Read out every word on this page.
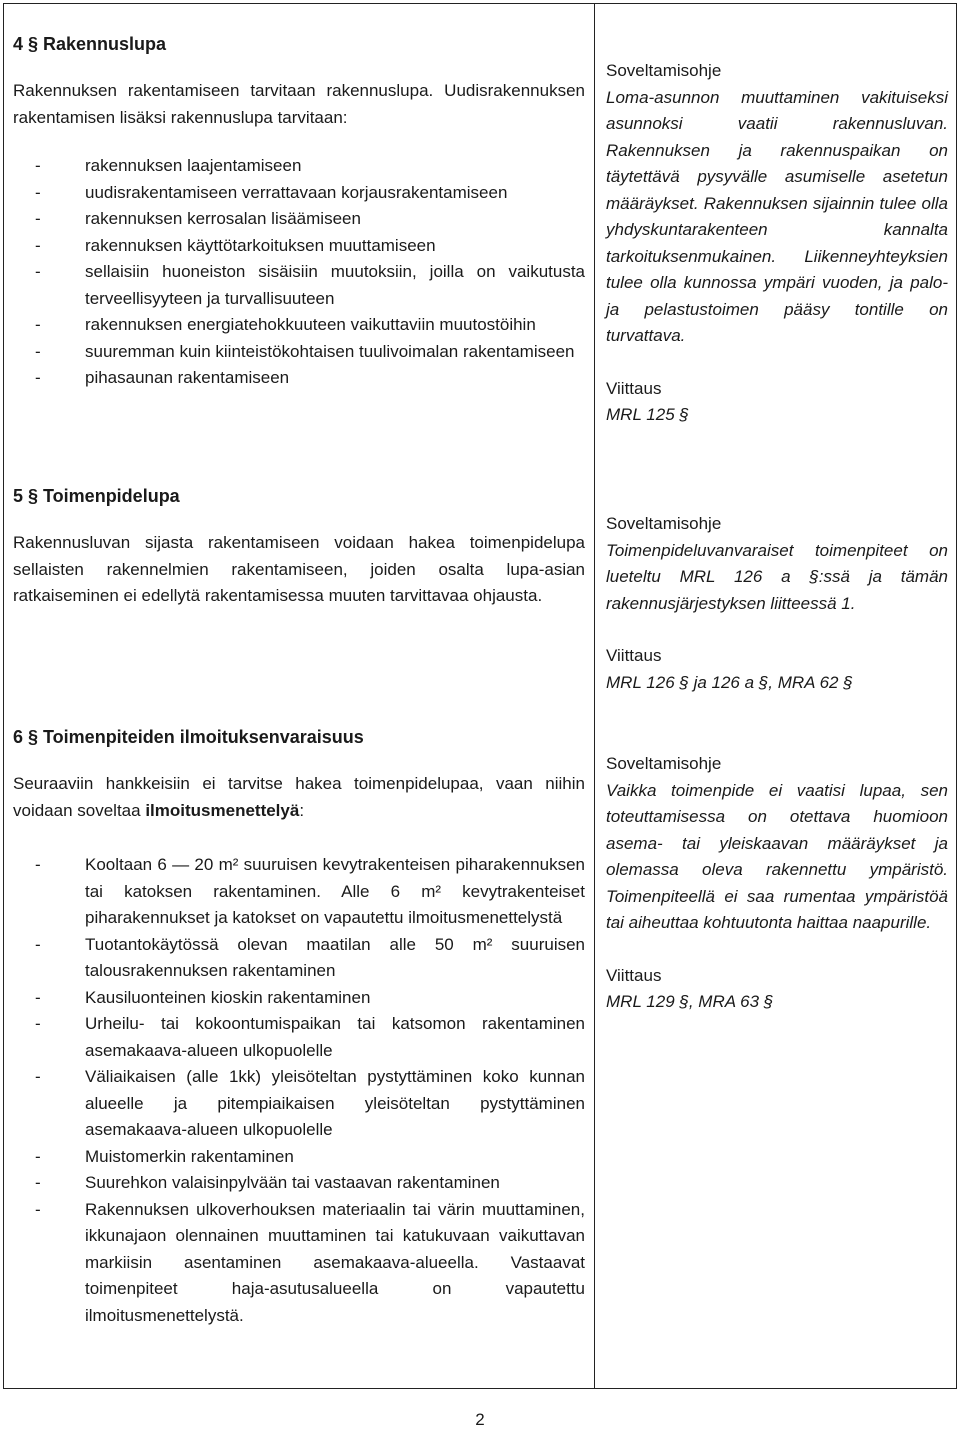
4 § Rakennuslupa

Rakennuksen rakentamiseen tarvitaan rakennuslupa. Uudisrakennuksen rakentamisen lisäksi rakennuslupa tarvitaan:

- rakennuksen laajentamiseen
- uudisrakentamiseen verrattavaan korjausrakentamiseen
- rakennuksen kerrosalan lisäämiseen
- rakennuksen käyttötarkoituksen muuttamiseen
- sellaisiin huoneiston sisäisiin muutoksiin, joilla on vaikutusta terveellisyyteen ja turvallisuuteen
- rakennuksen energiatehokkuuteen vaikuttaviin muutostöihin
- suuremman kuin kiinteistökohtaisen tuulivoimalan rakentamiseen
- pihasaunan rakentamiseen
Soveltamisohje
Loma-asunnon muuttaminen vakituiseksi asunnoksi vaatii rakennusluvan. Rakennuksen ja rakennuspaikan on täytettävä pysyvälle asumiselle asetetun määräykset. Rakennuksen sijainnin tulee olla yhdyskuntarakenteen kannalta tarkoituksenmukainen. Liikenneyhteyksien tulee olla kunnossa ympäri vuoden, ja palo- ja pelastustoimen pääsy tontille on turvattava.
Viittaus
MRL 125 §
5 § Toimenpidelupa

Rakennusluvan sijasta rakentamiseen voidaan hakea toimenpidelupa sellaisten rakennelmien rakentamiseen, joiden osalta lupa-asian ratkaiseminen ei edellytä rakentamisessa muuten tarvittavaa ohjausta.

Soveltamisohje
Toimenpideluvanvaraiset toimenpiteet on lueteltu MRL 126 a §:ssä ja tämän rakennusjärjestyksen liitteessä 1.
Viittaus
MRL 126 § ja 126 a §, MRA 62 §
6 § Toimenpiteiden ilmoituksenvaraisuus

Seuraaviin hankkeisiin ei tarvitse hakea toimenpidelupaa, vaan niihin voidaan soveltaa ilmoitusmenettelyä:

- Kooltaan 6 — 20 m² suuruisen kevytrakenteisen piharakennuksen tai katoksen rakentaminen. Alle 6 m² kevytrakenteiset piharakennukset ja katokset on vapautettu ilmoitusmenettelystä
- Tuotantokäytössä olevan maatilan alle 50 m² suuruisen talousrakennuksen rakentaminen
- Kausiluonteinen kioskin rakentaminen
- Urheilu- tai kokoontumispaikan tai katsomon rakentaminen asemakaava-alueen ulkopuolelle
- Väliaikaisen (alle 1kk) yleisöteltan pystyttäminen koko kunnan alueelle ja pitempiaikaisen yleisöteltan pystyttäminen asemakaava-alueen ulkopuolelle
- Muistomerkin rakentaminen
- Suurehkon valaisinpylvään tai vastaavan rakentaminen
- Rakennuksen ulkoverhouksen materiaalin tai värin muuttaminen, ikkunajaon olennainen muuttaminen tai katukuvaan vaikuttavan markiisin asentaminen asemakaava-alueella. Vastaavat toimenpiteet haja-asutusalueella on vapautettu ilmoitusmenettelystä.
Soveltamisohje
Vaikka toimenpide ei vaatisi lupaa, sen toteuttamisessa on otettava huomioon asema- tai yleiskaavan määräykset ja olemassa oleva rakennettu ympäristö. Toimenpiteellä ei saa rumentaa ympäristöä tai aiheuttaa kohtuutonta haittaa naapurille.
Viittaus
MRL 129 §, MRA 63 §
2
